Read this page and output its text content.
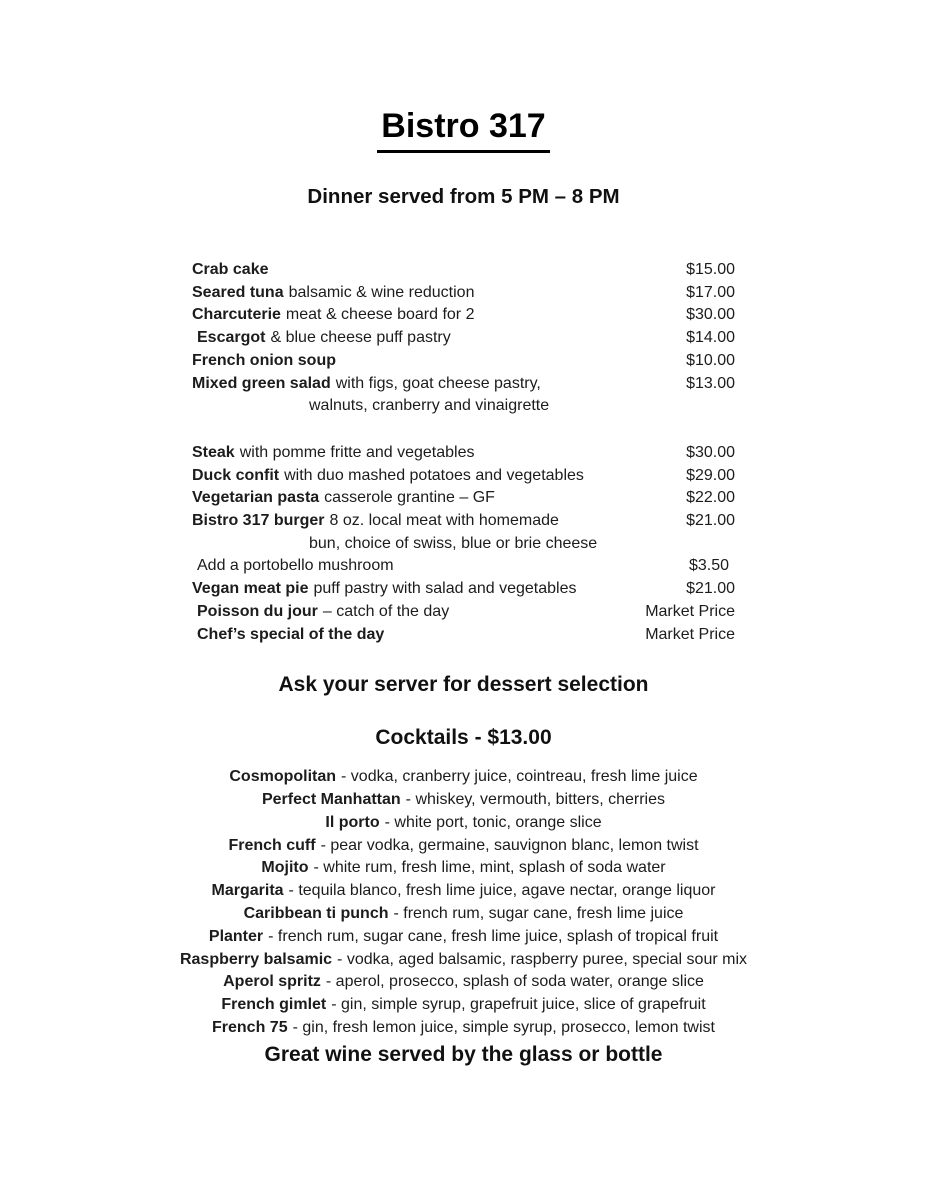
Bistro 317
Dinner served from 5 PM – 8 PM
Crab cake	$15.00
Seared tuna balsamic & wine reduction	$17.00
Charcuterie meat & cheese board for 2	$30.00
Escargot & blue cheese puff pastry	$14.00
French onion soup	$10.00
Mixed green salad with figs, goat cheese pastry,	$13.00
walnuts, cranberry and vinaigrette
Steak with pomme fritte and vegetables	$30.00
Duck confit with duo mashed potatoes and vegetables	$29.00
Vegetarian pasta casserole grantine – GF	$22.00
Bistro 317 burger 8 oz. local meat with homemade	$21.00
bun, choice of swiss, blue or brie cheese
Add a portobello mushroom	$3.50
Vegan meat pie puff pastry with salad and vegetables	$21.00
Poisson du jour – catch of the day	Market Price
Chef’s special of the day	Market Price
Ask your server for dessert selection
Cocktails - $13.00
Cosmopolitan - vodka, cranberry juice, cointreau, fresh lime juice
Perfect Manhattan - whiskey, vermouth, bitters, cherries
Il porto - white port, tonic, orange slice
French cuff - pear vodka, germaine, sauvignon blanc, lemon twist
Mojito - white rum, fresh lime, mint, splash of soda water
Margarita - tequila blanco, fresh lime juice, agave nectar, orange liquor
Caribbean ti punch - french rum, sugar cane, fresh lime juice
Planter - french rum, sugar cane, fresh lime juice, splash of tropical fruit
Raspberry balsamic - vodka, aged balsamic, raspberry puree, special sour mix
Aperol spritz - aperol, prosecco, splash of soda water, orange slice
French gimlet - gin, simple syrup, grapefruit juice, slice of grapefruit
French 75 - gin, fresh lemon juice, simple syrup, prosecco, lemon twist
Great wine served by the glass or bottle
